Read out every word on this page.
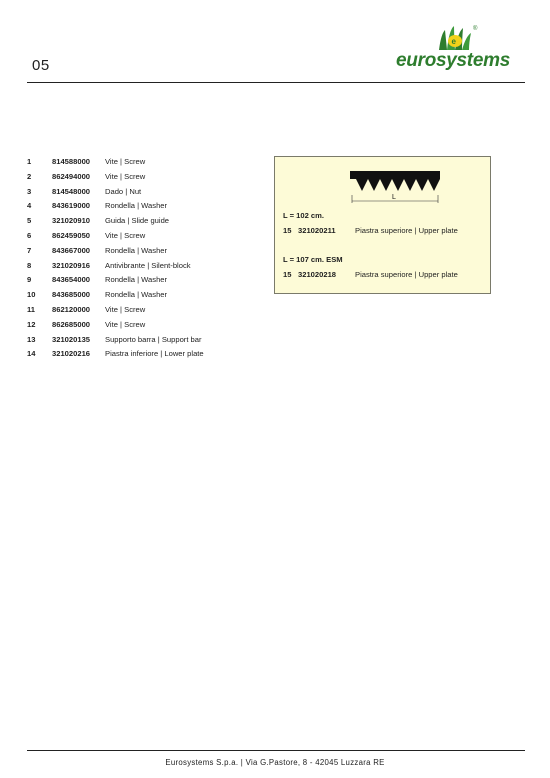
05
e
®
eurosystems
1	814588000	Vite | Screw
2	862494000	Vite | Screw
3	814548000	Dado | Nut
4	843619000	Rondella | Washer
5	321020910	Guida | Slide guide
6	862459050	Vite | Screw
7	843667000	Rondella | Washer
8	321020916	Antivibrante | Silent-block
9	843654000	Rondella | Washer
10	843685000	Rondella | Washer
11	862120000	Vite | Screw
12	862685000	Vite | Screw
13	321020135	Supporto barra | Support bar
14	321020216	Piastra inferiore | Lower plate
L
L = 102 cm.
15 321020211	Piastra superiore | Upper plate
L = 107 cm. ESM
15 321020218	Piastra superiore | Upper plate
Eurosystems S.p.a. | Via G.Pastore, 8 - 42045 Luzzara RE
